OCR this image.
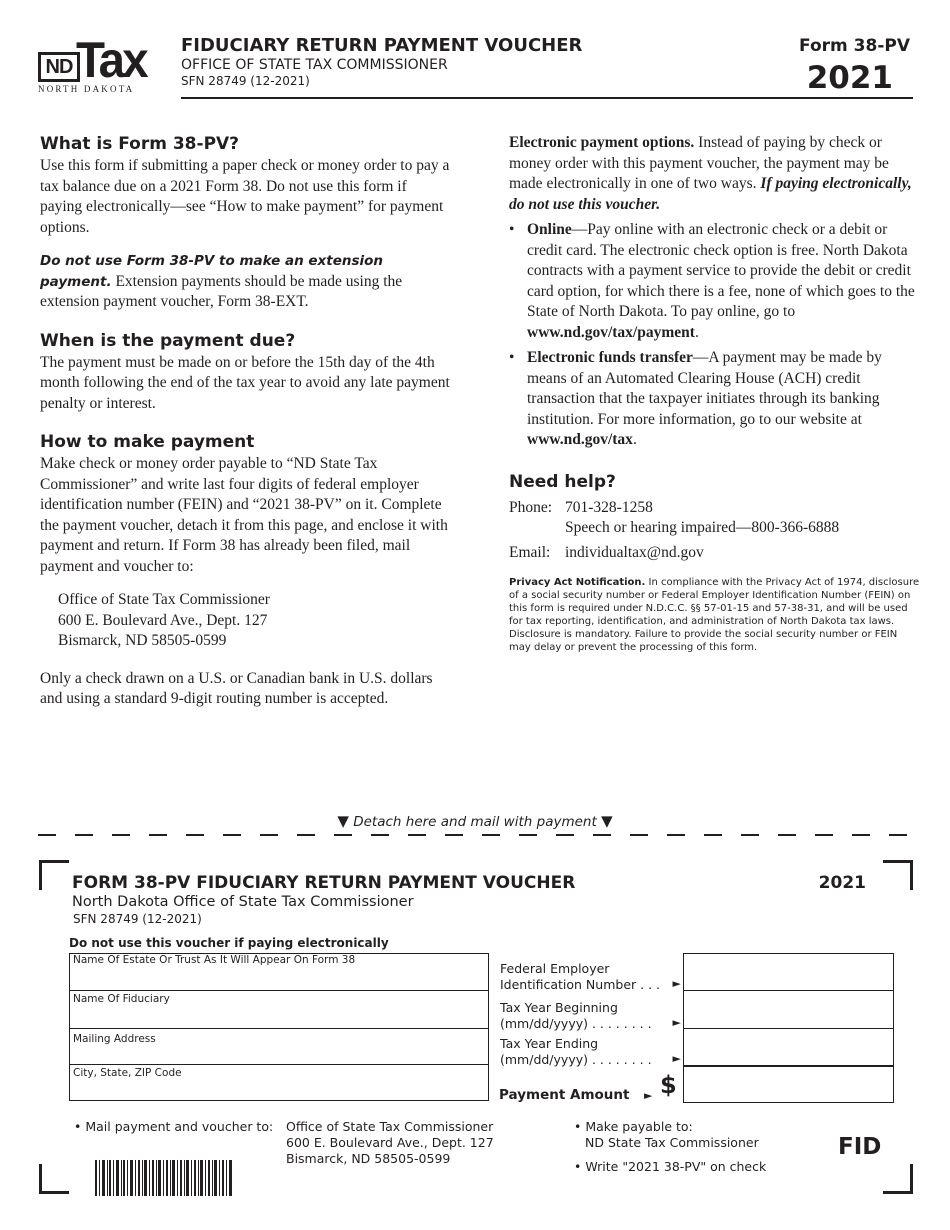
ND Tax
NORTH DAKOTA
FIDUCIARY RETURN PAYMENT VOUCHER
OFFICE OF STATE TAX COMMISSIONER
SFN 28749 (12-2021)
Form 38-PV
2021
What is Form 38-PV?

Use this form if submitting a paper check or money order to pay a tax balance due on a 2021 Form 38. Do not use this form if paying electronically—see “How to make payment” for payment options.

Do not use Form 38-PV to make an extension payment. Extension payments should be made using the extension payment voucher, Form 38-EXT.

When is the payment due?

The payment must be made on or before the 15th day of the 4th month following the end of the tax year to avoid any late payment penalty or interest.

How to make payment

Make check or money order payable to “ND State Tax Commissioner” and write last four digits of federal employer identification number (FEIN) and “2021 38-PV” on it. Complete the payment voucher, detach it from this page, and enclose it with payment and return. If Form 38 has already been filed, mail payment and voucher to:

Office of State Tax Commissioner
600 E. Boulevard Ave., Dept. 127
Bismarck, ND 58505-0599

Only a check drawn on a U.S. or Canadian bank in U.S. dollars and using a standard 9-digit routing number is accepted.

Electronic payment options. Instead of paying by check or money order with this payment voucher, the payment may be made electronically in one of two ways. If paying electronically, do not use this voucher.

• Online—Pay online with an electronic check or a debit or credit card. The electronic check option is free. North Dakota contracts with a payment service to provide the debit or credit card option, for which there is a fee, none of which goes to the State of North Dakota. To pay online, go to
www.nd.gov/tax/payment.
• Electronic funds transfer—A payment may be made by means of an Automated Clearing House (ACH) credit transaction that the taxpayer initiates through its banking institution. For more information, go to our website at www.nd.gov/tax.
Need help?
Phone: 701-328-1258
Speech or hearing impaired—800-366-6888
Email: individualtax@nd.gov

Privacy Act Notification. In compliance with the Privacy Act of 1974, disclosure of a social security number or Federal Employer Identification Number (FEIN) on this form is required under N.D.C.C. §§ 57-01-15 and 57-38-31, and will be used for tax reporting, identification, and administration of North Dakota tax laws. Disclosure is mandatory. Failure to provide the social security number or FEIN may delay or prevent the processing of this form.

▼ Detach here and mail with payment ▼
FORM 38-PV FIDUCIARY RETURN PAYMENT VOUCHER	2021
North Dakota Office of State Tax Commissioner
SFN 28749 (12-2021)
Do not use this voucher if paying electronically
Name Of Estate Or Trust As It Will Appear On Form 38
Name Of Fiduciary
Mailing Address
City, State, ZIP Code
Federal Employer
Identification Number . . .	►
Tax Year Beginning
(mm/dd/yyyy) . . . . . . . .	►
Tax Year Ending
(mm/dd/yyyy) . . . . . . . .	►
Payment Amount ► $
• Mail payment and voucher to: Office of State Tax Commissioner
600 E. Boulevard Ave., Dept. 127
Bismarck, ND 58505-0599
• Make payable to:
ND State Tax Commissioner
• Write "2021 38-PV" on check
FID
